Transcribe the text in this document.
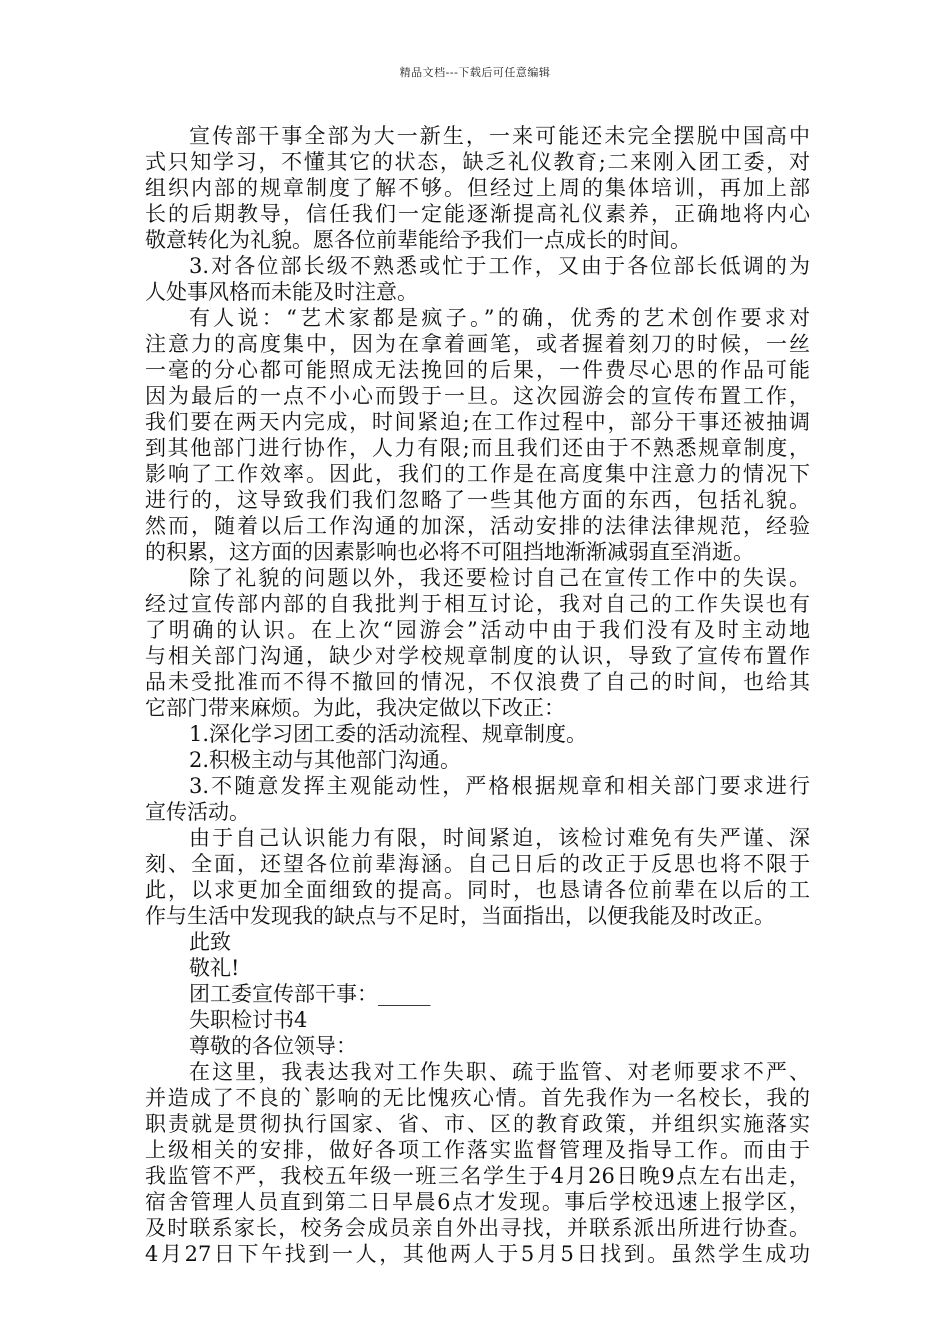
精品文档---下载后可任意编辑
宣传部干事全部为大一新生，一来可能还未完全摆脱中国高中
式只知学习，不懂其它的状态，缺乏礼仪教育;二来刚入团工委，对
组织内部的规章制度了解不够。但经过上周的集体培训，再加上部
长的后期教导，信任我们一定能逐渐提高礼仪素养，正确地将内心
敬意转化为礼貌。愿各位前辈能给予我们一点成长的时间。
3.对各位部长级不熟悉或忙于工作，又由于各位部长低调的为
人处事风格而未能及时注意。
有人说：“艺术家都是疯子。”的确，优秀的艺术创作要求对
注意力的高度集中，因为在拿着画笔，或者握着刻刀的时候，一丝
一毫的分心都可能照成无法挽回的后果，一件费尽心思的作品可能
因为最后的一点不小心而毁于一旦。这次园游会的宣传布置工作，
我们要在两天内完成，时间紧迫;在工作过程中，部分干事还被抽调
到其他部门进行协作，人力有限;而且我们还由于不熟悉规章制度，
影响了工作效率。因此，我们的工作是在高度集中注意力的情况下
进行的，这导致我们我们忽略了一些其他方面的东西，包括礼貌。
然而，随着以后工作沟通的加深，活动安排的法律法律规范，经验
的积累，这方面的因素影响也必将不可阻挡地渐渐减弱直至消逝。
除了礼貌的问题以外，我还要检讨自己在宣传工作中的失误。
经过宣传部内部的自我批判于相互讨论，我对自己的工作失误也有
了明确的认识。在上次“园游会”活动中由于我们没有及时主动地
与相关部门沟通，缺少对学校规章制度的认识，导致了宣传布置作
品未受批准而不得不撤回的情况，不仅浪费了自己的时间，也给其
它部门带来麻烦。为此，我决定做以下改正：
1.深化学习团工委的活动流程、规章制度。
2.积极主动与其他部门沟通。
3.不随意发挥主观能动性，严格根据规章和相关部门要求进行
宣传活动。
由于自己认识能力有限，时间紧迫，该检讨难免有失严谨、深
刻、全面，还望各位前辈海涵。自己日后的改正于反思也将不限于
此，以求更加全面细致的提高。同时，也恳请各位前辈在以后的工
作与生活中发现我的缺点与不足时，当面指出，以便我能及时改正。
此致
敬礼!
团工委宣传部干事：_____
失职检讨书4
尊敬的各位领导：
在这里，我表达我对工作失职、疏于监管、对老师要求不严、
并造成了不良的`影响的无比愧疚心情。首先我作为一名校长，我的
职责就是贯彻执行国家、省、市、区的教育政策，并组织实施落实
上级相关的安排，做好各项工作落实监督管理及指导工作。而由于
我监管不严，我校五年级一班三名学生于4月26日晚9点左右出走，
宿舍管理人员直到第二日早晨6点才发现。事后学校迅速上报学区，
及时联系家长，校务会成员亲自外出寻找，并联系派出所进行协查。
4月27日下午找到一人，其他两人于5月5日找到。虽然学生成功
